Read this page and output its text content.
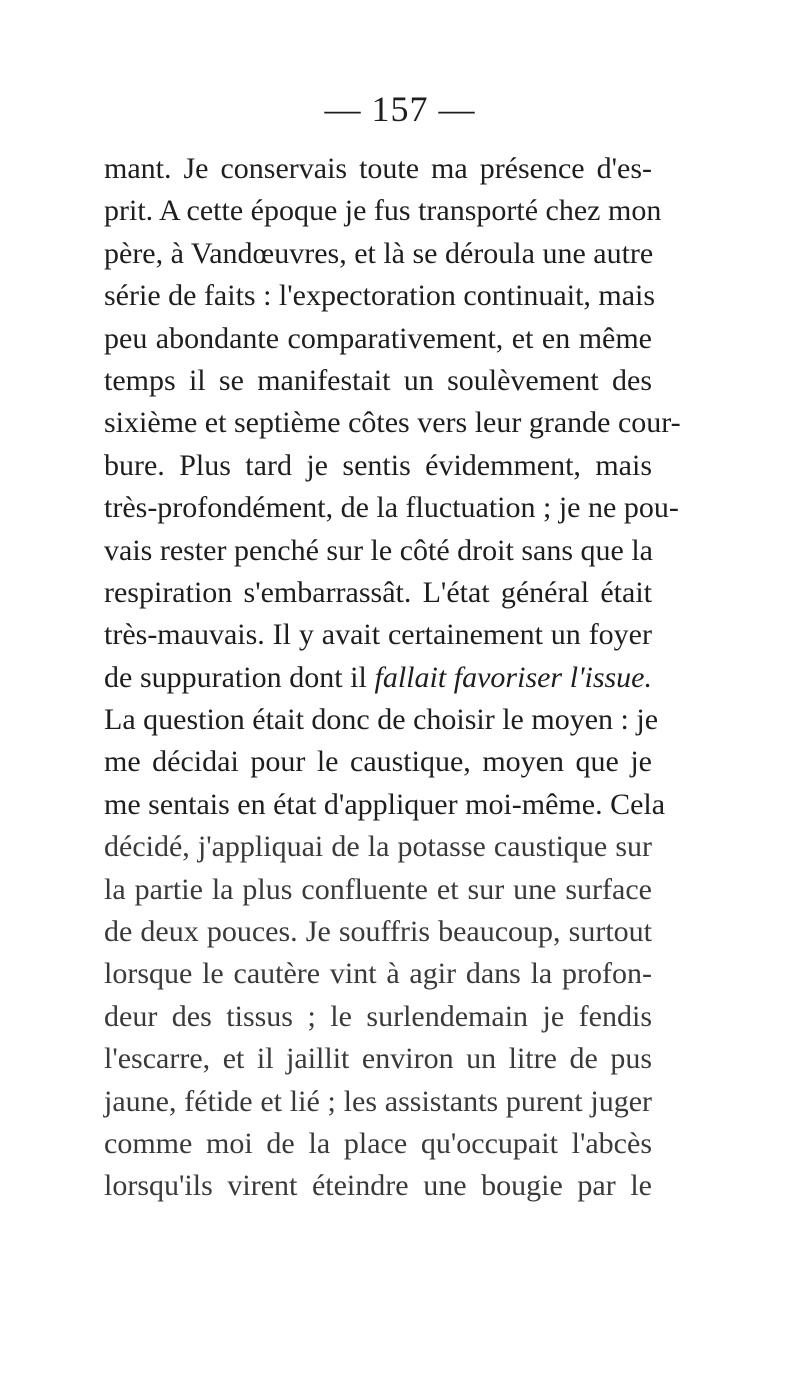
— 157 —
mant. Je conservais toute ma présence d'es-
prit. A cette époque je fus transporté chez mon
père, à Vandœuvres, et là se déroula une autre
série de faits : l'expectoration continuait, mais
peu abondante comparativement, et en même
temps il se manifestait un soulèvement des
sixième et septième côtes vers leur grande cour-
bure. Plus tard je sentis évidemment, mais
très-profondément, de la fluctuation ; je ne pou-
vais rester penché sur le côté droit sans que la
respiration s'embarrassât. L'état général était
très-mauvais. Il y avait certainement un foyer
de suppuration dont il fallait favoriser l'issue.
La question était donc de choisir le moyen : je
me décidai pour le caustique, moyen que je
me sentais en état d'appliquer moi-même. Cela
décidé, j'appliquai de la potasse caustique sur
la partie la plus confluente et sur une surface
de deux pouces. Je souffris beaucoup, surtout
lorsque le cautère vint à agir dans la profon-
deur des tissus ; le surlendemain je fendis
l'escarre, et il jaillit environ un litre de pus
jaune, fétide et lié ; les assistants purent juger
comme moi de la place qu'occupait l'abcès
lorsqu'ils virent éteindre une bougie par le
